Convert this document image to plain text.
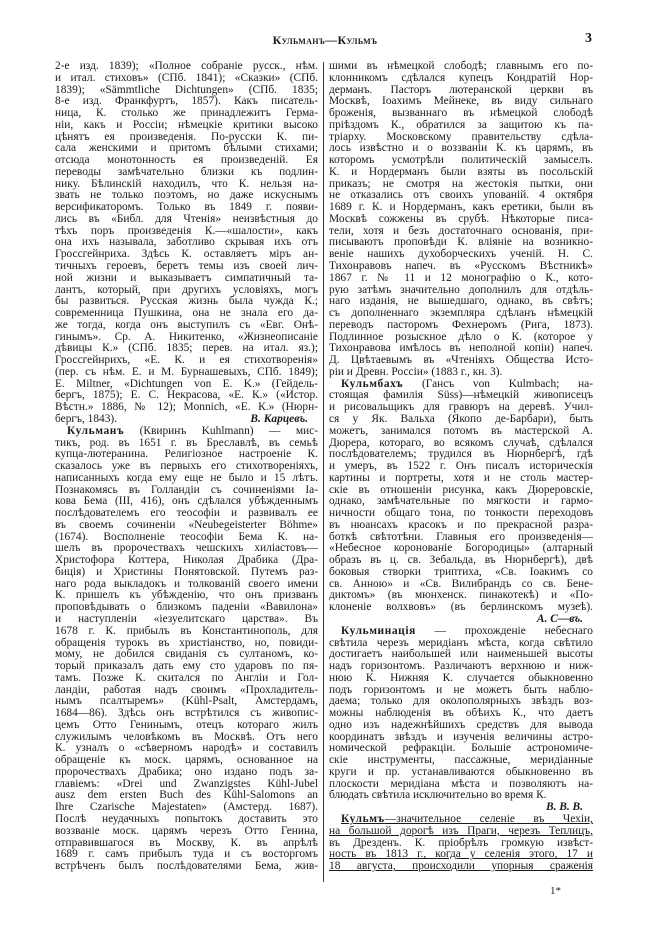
Кульманъ—Кульмъ	3
2-е изд. 1839); «Полное собраніе русск., нѣм.
и итал. стиховъ» (СПб. 1841); «Сказки» (СПб.
1839); «Sämmtliche Dichtungen» (СПб. 1835;
8-е изд. Франкфуртъ, 1857). Какъ писатель-
ница, К. столько же принадлежитъ Герма-
ніи, какъ и Россіи; нѣмецкіе критики высоко
цѣнятъ ея произведенія. По-русски К. пи-
сала женскими и притомъ бѣлыми стихами;
отсюда монотонность ея произведеній. Ея
переводы замѣчательно близки къ подлин-
нику. Бѣлинскій находилъ, что К. нельзя на-
звать не только поэтомъ, но даже искуснымъ
версификаторомъ. Только въ 1849 г. появи-
лись въ «Библ. для Чтенія» неизвѣстныя до
тѣхъ поръ произведенія К.—«шалости», какъ
она ихъ называла, заботливо скрывая ихъ отъ
Гроссгейнриха. Здѣсь К. оставляетъ міръ ан-
тичныхъ героевъ, беретъ темы изъ своей лич-
ной жизни и выказываетъ симпатичный та-
лантъ, который, при другихъ условіяхъ, могъ
бы развиться. Русская жизнь была чужда К.;
современница Пушкина, она не знала его да-
же тогда, когда онъ выступилъ съ «Евг. Онѣ-
гинымъ». Ср. А. Никитенко, «Жизнеописаніе
дѣвицы К.» (СПб. 1835; перев. на итал. яз.);
Гроссгейнрихъ, «Е. К. и ея стихотворенія»
(пер. съ нѣм. Е. и М. Бурнашевыхъ, СПб. 1849);
E. Miltner, «Dichtungen von E. K.» (Гейдель-
бергъ, 1875); Е. С. Некрасова, «Е. К.» («Истор.
Вѣстн.» 1886, № 12); Monnich, «Е. К.» (Нюрн-
бергъ, 1843).	В. Карцевъ.
Кульманъ (Квиринъ Kuhlmann) — мис-
тикъ, род. въ 1651 г. въ Бреславлѣ, въ семьѣ
купца-лютеранина. Религіозное настроеніе К.
сказалось уже въ первыхъ его стихотвореніяхъ,
написанныхъ когда ему еще не было и 15 лѣтъ.
Познакомясь въ Голландіи съ сочиненіями Іа-
кова Бема (III, 416), онъ сдѣлался убѣжденнымъ
послѣдователемъ его теософіи и развивалъ ее
въ своемъ сочиненіи «Neubegeisterter Böhme»
(1674). Восполненіе теософіи Бема К. на-
шелъ въ пророчествахъ чешскихъ хиліастовъ—
Христофора Коттера, Николая Драбика (Дра-
биція) и Христины Понятовской. Путемъ раз-
наго рода выкладокъ и толкованій своего имени
К. пришелъ къ убѣжденію, что онъ призванъ
проповѣдывать о близкомъ паденіи «Вавилона»
и наступленіи «іезуелитскаго царства». Въ
1678 г. К. прибылъ въ Константинополь, для
обращенія турокъ въ христіанство, но, повиди-
мому, не добился свиданія съ султаномъ, ко-
торый приказалъ дать ему сто ударовъ по пя-
тамъ. Позже К. скитался по Англіи и Гол-
ландіи, работая надъ своимъ «Прохладитель-
нымъ псалтыремъ» (Kühl-Psalt, Амстердамъ,
1684—86). Здѣсь онъ встрѣтился съ живопис-
цемъ Отто Генинымъ, отецъ котораго жилъ
служилымъ человѣкомъ въ Москвѣ. Отъ него
К. узналъ о «сѣверномъ народѣ» и составилъ
обращеніе къ моск. царямъ, основанное на
пророчествахъ Драбика; оно издано подъ за-
главіемъ: «Drei und Zwanzigstes Kühl-Jubel
ausz dem ersten Buch des Kühl-Salomons an
Ihre Czarische Majestaten» (Амстерд. 1687).
Послѣ неудачныхъ попытокъ доставить это
воззваніе моск. царямъ черезъ Отто Генина,
отправившагося въ Москву, К. въ апрѣлѣ
1689 г. самъ прибылъ туда и съ восторгомъ
встрѣченъ былъ послѣдователями Бема, жив-
шими въ нѣмецкой слободѣ; главнымъ его по-
клонникомъ сдѣлался купецъ Кондратій Нор-
дерманъ. Пасторъ лютеранской церкви въ
Москвѣ, Іоахимъ Мейнеке, въ виду сильнаго
броженія, вызваннаго въ нѣмецкой слободѣ
пріѣздомъ К., обратился за защитою къ па-
тріарху. Московскому правительству сдѣла-
лось извѣстно и о воззваніи К. къ царямъ, въ
которомъ усмотрѣли политическій замыселъ.
К. и Нордерманъ были взяты въ посольскій
приказъ; не смотря на жестокія пытки, они
не отказались отъ своихъ упованій. 4 октября
1689 г. К. и Нордерманъ, какъ еретики, были въ
Москвѣ сожжены въ срубѣ. Нѣкоторые писа-
тели, хотя и безъ достаточнаго основанія, при-
писываютъ проповѣди К. вліяніе на возникно-
веніе нашихъ духоборческихъ ученій. Н. С.
Тихонравовъ напеч. въ «Русскомъ Вѣстникѣ»
1867 г. № 11 и 12 монографію о К., кото-
рую затѣмъ значительно дополнилъ для отдѣль-
наго изданія, не вышедшаго, однако, въ свѣтъ;
съ дополненнаго экземпляра сдѣланъ нѣмецкій
переводъ пасторомъ Фехнеромъ (Рига, 1873).
Подлинное розыскное дѣло о К. (которое у
Тихонравова имѣлось въ неполной копіи) напеч.
Д. Цвѣтаевымъ въ «Чтеніяхъ Общества Исто-
ріи и Древн. Россіи» (1883 г., кн. 3).
Кульмбахъ (Гансъ von Kulmbach; на-
стоящая фамилія Süss)—нѣмецкій живописецъ
и рисовальщикъ для гравюръ на деревѣ. Учил-
ся у Як. Вальха (Якопо де-Барбари), быть
можетъ, занимался потомъ въ мастерской А.
Дюрера, котораго, во всякомъ случаѣ, сдѣлался
послѣдователемъ; трудился въ Нюрнбергѣ, гдѣ
и умеръ, въ 1522 г. Онъ писалъ историческія
картины и портреты, хотя и не столь мастер-
скіе въ отношеніи рисунка, какъ Дюреровскіе,
однако, замѣчательные по мягкости и гармо-
ничности общаго тона, по тонкости переходовъ
въ нюансахъ красокъ и по прекрасной разра-
боткѣ свѣтотѣни. Главныя его произведенія—
«Небесное коронованіе Богородицы» (алтарный
образъ въ ц. св. Зебальда, въ Нюрнбергѣ), двѣ
боковыя створки триптиха, «Св. Іоакимъ со
св. Анною» и «Св. Вилибрандъ со св. Бене-
диктомъ» (въ мюнхенск. пинакотекѣ) и «По-
клоненіе волхвовъ» (въ берлинскомъ музеѣ).
А. С—въ.
Кульминація — прохожденіе небеснаго
свѣтила черезъ меридіанъ мѣста, когда свѣтило
достигаетъ наибольшей или наименьшей высоты
надъ горизонтомъ. Различаютъ верхнюю и ниж-
нюю К. Нижняя К. случается обыкновенно
подъ горизонтомъ и не можетъ быть наблю-
даема; только для околополярныхъ звѣздъ воз-
можны наблюденія въ обѣихъ К., что даетъ
одно изъ надежнѣйшихъ средствъ для вывода
координатъ звѣздъ и изученія величины астро-
номической рефракціи. Большіе астрономиче-
скіе инструменты, пассажные, меридіанные
круги и пр. устанавливаются обыкновенно въ
плоскости меридіана мѣста и позволяютъ на-
блюдать свѣтила исключительно во время К.
В. В. В.
Кульмъ—значительное селеніе въ Чехіи,
на большой дорогѣ изъ Праги, черезъ Теплицъ,
въ Дрезденъ. К. пріобрѣлъ громкую извѣст-
ность въ 1813 г., когда у селенія этого, 17 и
18 августа, происходили упорныя сраженія
1*
